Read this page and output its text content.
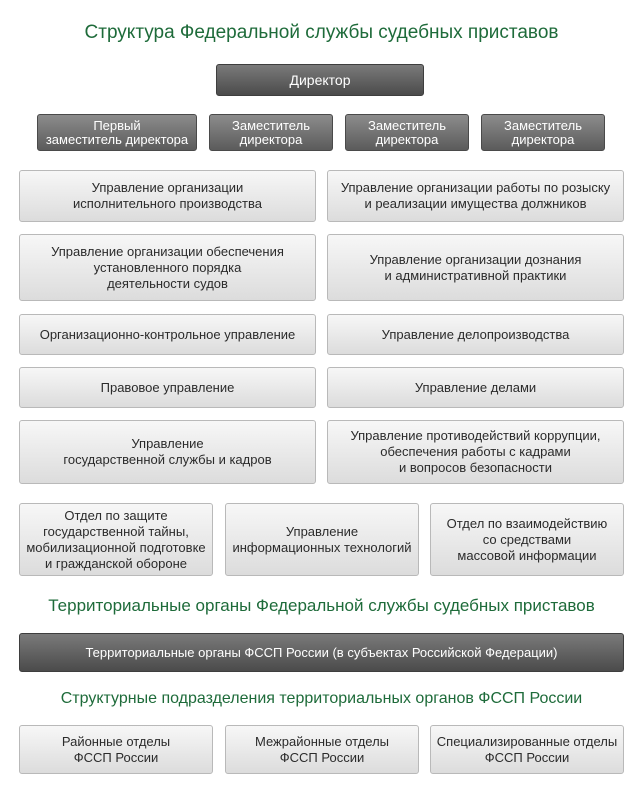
Структура Федеральной службы судебных приставов
Директор
Первый
заместитель директора
Заместитель
директора
Заместитель
директора
Заместитель
директора
Управление организации
исполнительного производства
Управление организации обеспечения
установленного порядка
деятельности судов
Организационно-контрольное управление
Правовое управление
Управление
государственной службы и кадров
Управление организации работы по розыску
и реализации имущества должников
Управление организации дознания
и административной практики
Управление делопроизводства
Управление делами
Управление противодействий коррупции,
обеспечения работы с кадрами
и вопросов безопасности
Отдел по защите
государственной тайны,
мобилизационной подготовке
и гражданской обороне
Управление
информационных технологий
Отдел по взаимодействию
со средствами
массовой информации
Территориальные органы Федеральной службы судебных приставов
Территориальные органы ФССП России (в субъектах Российской Федерации)
Структурные подразделения территориальных органов ФССП России
Районные отделы
ФССП России
Межрайонные отделы
ФССП России
Специализированные отделы
ФССП России
